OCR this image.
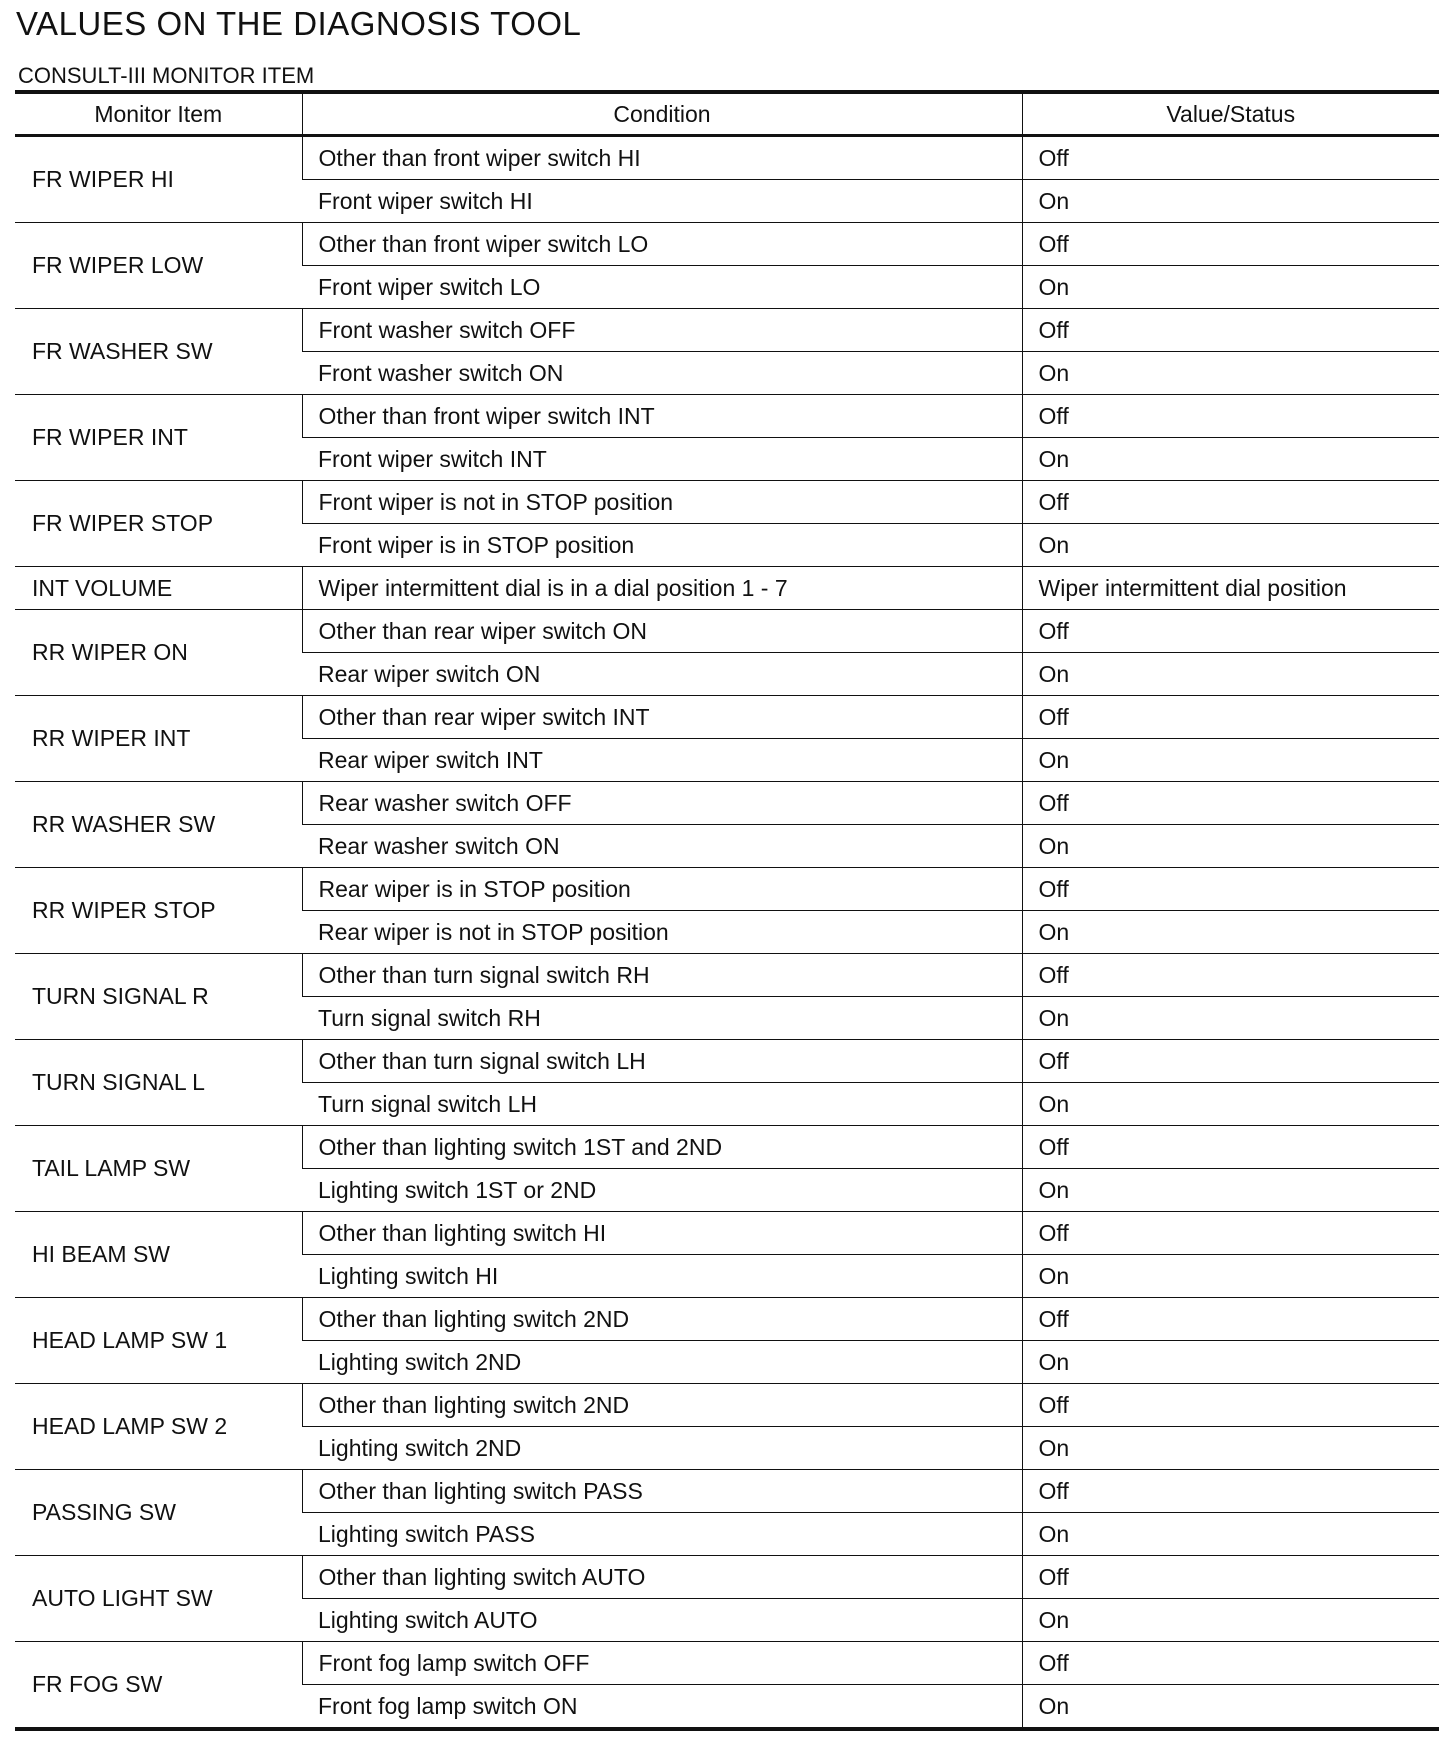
VALUES ON THE DIAGNOSIS TOOL
CONSULT-III MONITOR ITEM
Monitor Item	Condition	Value/Status
FR WIPER HI	Other than front wiper switch HI	Off
	Front wiper switch HI	On
FR WIPER LOW	Other than front wiper switch LO	Off
	Front wiper switch LO	On
FR WASHER SW	Front washer switch OFF	Off
	Front washer switch ON	On
FR WIPER INT	Other than front wiper switch INT	Off
	Front wiper switch INT	On
FR WIPER STOP	Front wiper is not in STOP position	Off
	Front wiper is in STOP position	On
INT VOLUME	Wiper intermittent dial is in a dial position 1 - 7	Wiper intermittent dial position
RR WIPER ON	Other than rear wiper switch ON	Off
	Rear wiper switch ON	On
RR WIPER INT	Other than rear wiper switch INT	Off
	Rear wiper switch INT	On
RR WASHER SW	Rear washer switch OFF	Off
	Rear washer switch ON	On
RR WIPER STOP	Rear wiper is in STOP position	Off
	Rear wiper is not in STOP position	On
TURN SIGNAL R	Other than turn signal switch RH	Off
	Turn signal switch RH	On
TURN SIGNAL L	Other than turn signal switch LH	Off
	Turn signal switch LH	On
TAIL LAMP SW	Other than lighting switch 1ST and 2ND	Off
	Lighting switch 1ST or 2ND	On
HI BEAM SW	Other than lighting switch HI	Off
	Lighting switch HI	On
HEAD LAMP SW 1	Other than lighting switch 2ND	Off
	Lighting switch 2ND	On
HEAD LAMP SW 2	Other than lighting switch 2ND	Off
	Lighting switch 2ND	On
PASSING SW	Other than lighting switch PASS	Off
	Lighting switch PASS	On
AUTO LIGHT SW	Other than lighting switch AUTO	Off
	Lighting switch AUTO	On
FR FOG SW	Front fog lamp switch OFF	Off
	Front fog lamp switch ON	On
